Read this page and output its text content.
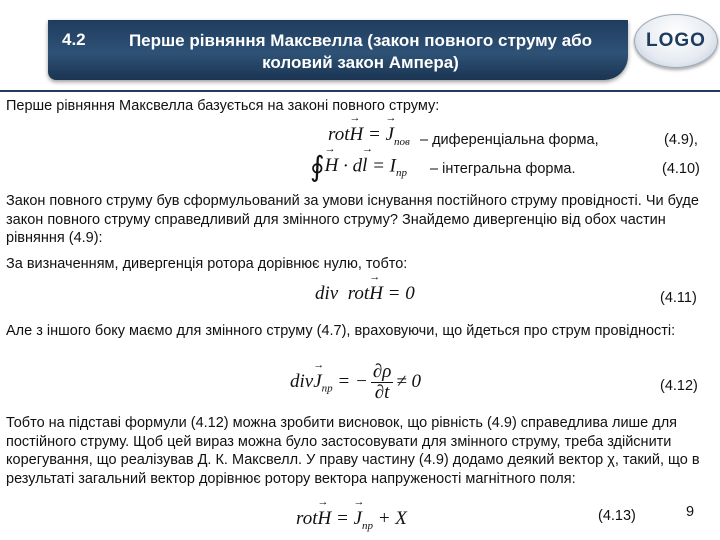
4.2	Перше рівняння Максвелла (закон повного струму або коловий закон Ампера)
LOGO
Перше рівняння Максвелла базується на законі повного струму:
rot→ H = → $J_{пов}$ – диференціальна форма,	(4.9),
∮→ $H \cdot d\to l = I_{пр}$ – інтегральна форма.	(4.10)
Закон повного струму був сформульований за умови існування постійного струму провідності. Чи буде закон повного струму справедливий для змінного струму? Знайдемо дивергенцію від обох частин рівняння (4.9):
За визначенням, дивергенція ротора дорівнює нулю, тобто:
div  rot→ H = 0	(4.11)
Але з іншого боку маємо для змінного струму (4.7), враховуючи, що йдеться про струм провідності:
$div\to J_{пр}$ = − $\frac{\partial\rho}{\partial t} \ne 0$	(4.12)
Тобто на підставі формули (4.12) можна зробити висновок, що рівність (4.9) справедлива лише для постійного струму. Щоб цей вираз можна було застосовувати для змінного струму, треба здійснити корегування, що реалізував Д. К. Максвелл. У праву частину (4.9) додамо деякий вектор χ, такий, що в результаті загальний вектор дорівнює ротору вектора напруженості магнітного поля:
rot→ H = → $J_{пр} + X$	(4.13)	9
